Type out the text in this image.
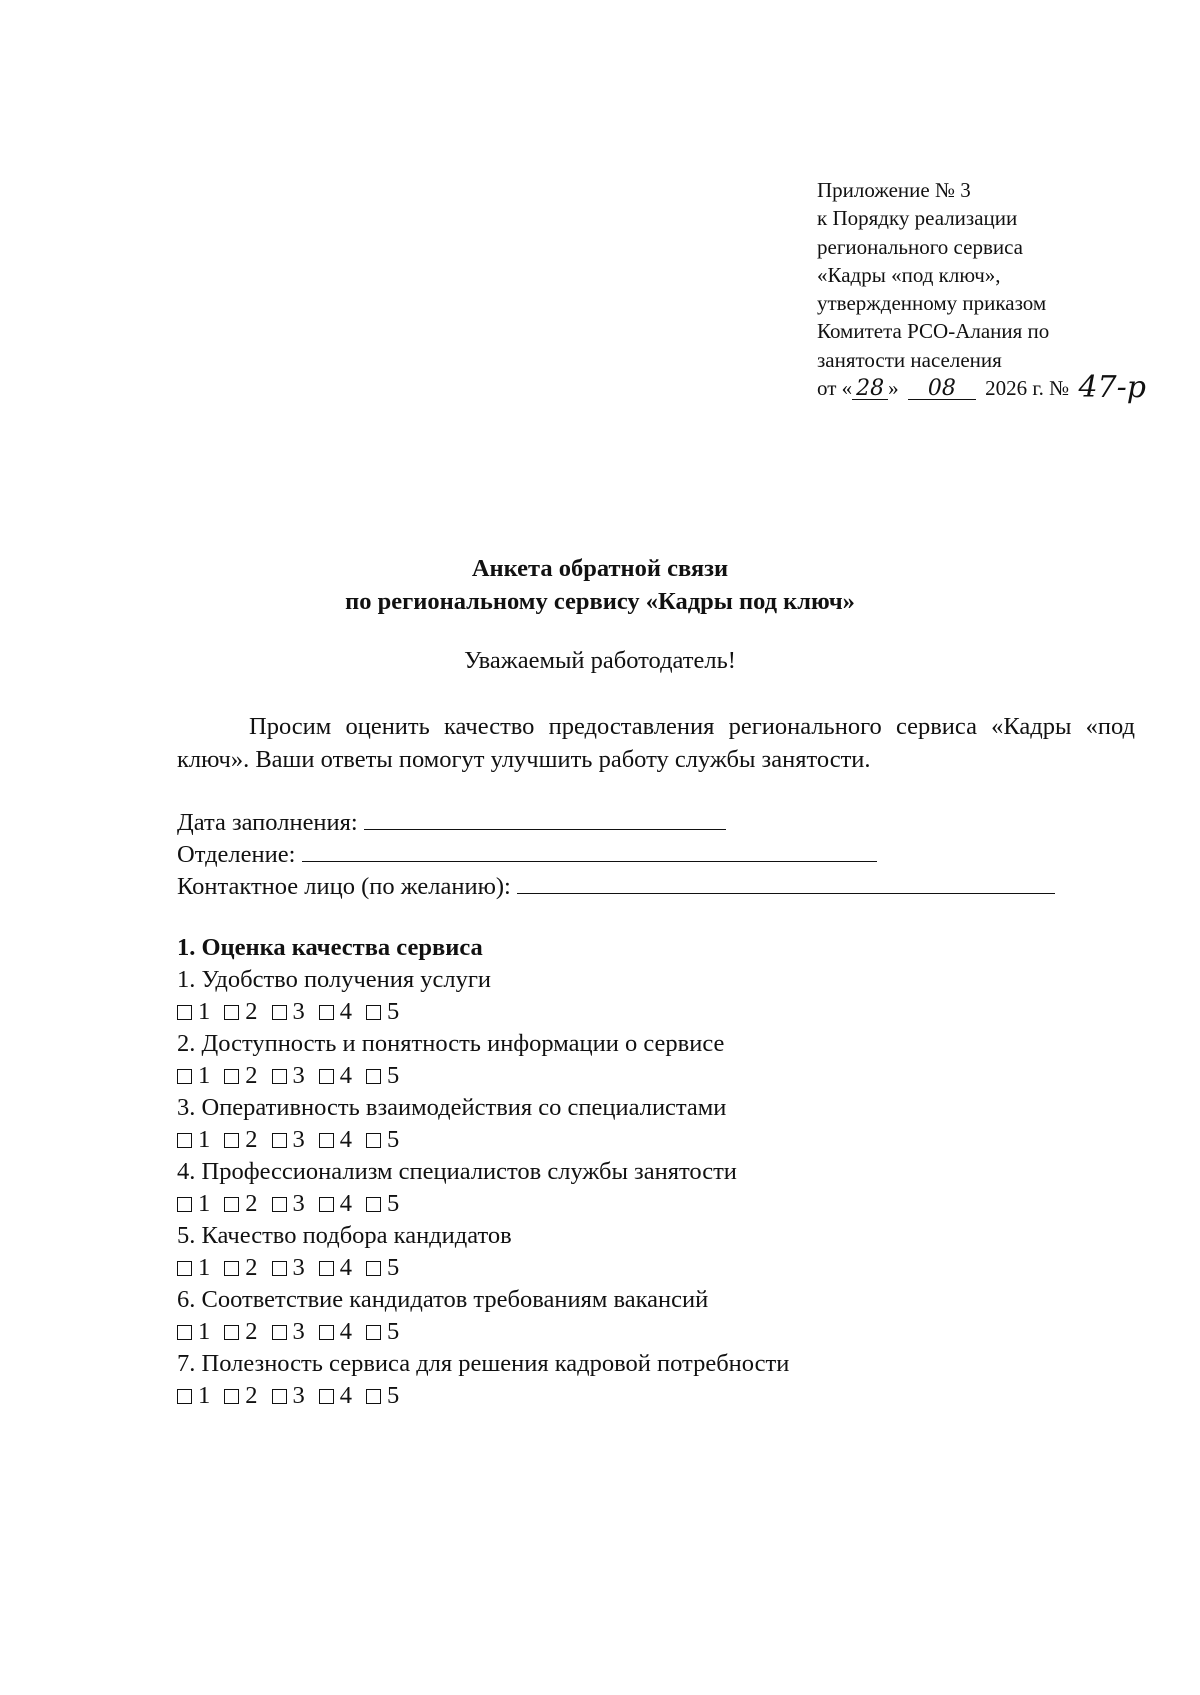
Приложение № 3
к Порядку реализации
регионального сервиса
«Кадры «под ключ»,
утвержденному приказом
Комитета РСО-Алания по
занятости населения
от « 28 » 08 2026 г. № 47-р
Анкета обратной связи
по региональному сервису «Кадры под ключ»
Уважаемый работодатель!
Просим оценить качество предоставления регионального сервиса «Кадры «под ключ». Ваши ответы помогут улучшить работу службы занятости.
Дата заполнения:
Отделение:
Контактное лицо (по желанию):
1. Оценка качества сервиса
1. Удобство получения услуги
1 2 3 4 5
2. Доступность и понятность информации о сервисе
1 2 3 4 5
3. Оперативность взаимодействия со специалистами
1 2 3 4 5
4. Профессионализм специалистов службы занятости
1 2 3 4 5
5. Качество подбора кандидатов
1 2 3 4 5
6. Соответствие кандидатов требованиям вакансий
1 2 3 4 5
7. Полезность сервиса для решения кадровой потребности
1 2 3 4 5
